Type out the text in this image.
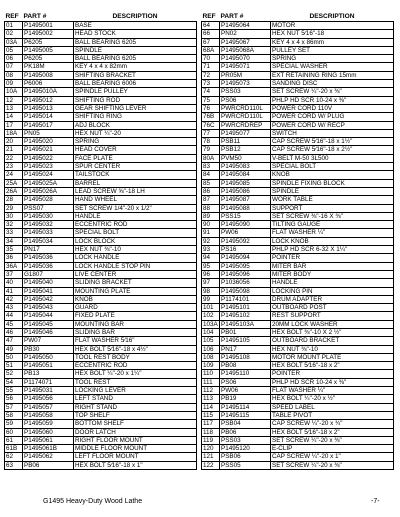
REF	PART #	DESCRIPTION
01	P1495001	BASE
02	P1495002	HEAD STOCK
03A	P6205	BALL BEARING 6205
05	P1495005	SPINDLE
06	P6205	BALL BEARING 6205
07	PK18M	KEY 4 x 4 x 82mm
08	P1495008	SHIFTING BRACKET
09	P6006	BALL BEARING 6006
10A	P1495010A	SPINDLE PULLEY
12	P1495012	SHIFTING ROD
13	P1495013	GEAR SHIFTING LEVER
14	P1495014	SHIFTING RING
17	P1495017	ADJ BLOCK
18A	PN05	HEX NUT ¼"-20
20	P1495020	SPRING
21	P1495021	HEAD COVER
22	P1495022	FACE PLATE
23	P1495023	SPUR CENTER
24	P1495024	TAILSTOCK
25A	P1495025A	BARREL
26A	P1495026A	LEAD SCREW ⅝"-18 LH
28	P1495028	HAND WHEEL
29	PSS07	SET SCREW 1/4"-20 x 1/2"
30	P1495030	HANDLE
32	P1495032	ECCENTRIC ROD
33	P1495033	SPECIAL BOLT
34	P1495034	LOCK BLOCK
35	PN17	HEX NUT ⅜"-10
36	P1495036	LOCK HANDLE
36A	P1495036	LOCK HANDLE STOP PIN
37	G1807	LIVE CENTER
40	P1495040	SLIDING BRACKET
41	P1495041	MOUNTING PLATE
42	P1495042	KNOB
43	P1495043	GUARD
44	P1495044	FIXED PLATE
45	P1495045	MOUNTING BAR
46	P1495046	SLIDING BAR
47	PW07	FLAT WASHER 5⁄16"
49	PB30	HEX BOLT 5⁄16"-18 x 4½"
50	P1495050	TOOL REST BODY
51	P1495051	ECCENTRIC ROD
52	PB13	HEX BOLT ¼"-20 x 1¼"
54	P1174071	TOOL REST
55	P1495031	LOCKING LEVER
56	P1495056	LEFT STAND
57	P1495057	RIGHT STAND
58	P1495058	TOP SHELF
59	P1495059	BOTTOM SHELF
60	P1495060	DOOR LATCH
61	P1495061	RIGHT FLOOR MOUNT
61B	P1495061B	MIDDLE FLOOR MOUNT
62	P1495062	LEFT FLOOR MOUNT
63	PB06	HEX BOLT 5⁄16"-18 x 1"
REF	PART #	DESCRIPTION
64	P1495064	MOTOR
66	PN02	HEX NUT 5⁄16"-18
67	P1495067	KEY 4 x 4 x 86mm
68A	P1495068A	PULLEY SET
70	P1495070	SPRING
71	P1495071	SPECIAL WASHER
72	PR05M	EXT RETAINING RING 15mm
73	P1495073	SANDING DISC
74	PSS03	SET SCREW ¼"-20 x ⅜"
75	PS06	PHLP HD SCR 10-24 x ⅜"
76	PWRCRD110L	POWER CORD 110V
76B	PWRCRD110L	POWER CORD W/ PLUG
76C	PWRCRDREP	POWER CORD W/ RECP
77	P1495077	SWITCH
78	PSB11	CAP SCREW 5⁄16"-18 x 1½"
79	PSB12	CAP SCREW 5⁄16"-18 x 2½"
80A	PVM50	V-BELT M-50 3L500
83	P1495083	SPECIAL BOLT
84	P1495084	KNOB
85	P1495085	SPINDLE FIXING BLOCK
86	P1495086	SPINDLE
87	P1495087	WORK TABLE
88	P1495088	SUPPORT
89	PSS15	SET SCREW ⅜"-16 X ⅜"
90	P1495090	TILTING GAUGE
91	PW06	FLAT WASHER ¼"
92	P1495092	LOCK KNOB
93	PS16	PHLP HD SCR 6-32 X 1¼"
94	P1495094	POINTER
95	P1495095	MITER BAR
96	P1495096	MITER BODY
97	P1036056	HANDLE
98	P1495098	LOCKING PIN
99	P1174101	DRUM ADAPTER
101	P1495101	OUTBOARD POST
102	P1495102	REST SUPPORT
103A	P1495103A	20MM LOCK WASHER
104	PB01	HEX BOLT ⅜"-10 X 2 ½"
105	P1495105	OUTBOARD BRACKET
106	PN17	HEX NUT ⅜"-10
108	P1495108	MOTOR MOUNT PLATE
109	PB08	HEX BOLT 5⁄16"-18 x 2"
110	P1495110	POINTER
111	PS06	PHLP HD SCR 10-24 x ⅜"
112	PW06	FLAT WASHER ¼"
113	PB19	HEX BOLT ¼"-20 x ½"
114	P1495114	SPEED LABEL
115	P1495115	TABLE PIVOT
117	PSB04	CAP SCREW ¼"-20 x ¾"
118	PB06	HEX BOLT 5⁄16"-18 x 2"
119	PSS03	SET SCREW ¼"-20 x ⅜"
120	P1495120	E-CLIP
121	PSB06	CAP SCREW ¼"-20 x 1"
122	PSS05	SET SCREW ¼"-20 x ⅜"
G1495 Heavy-Duty Wood Lathe	-7-
